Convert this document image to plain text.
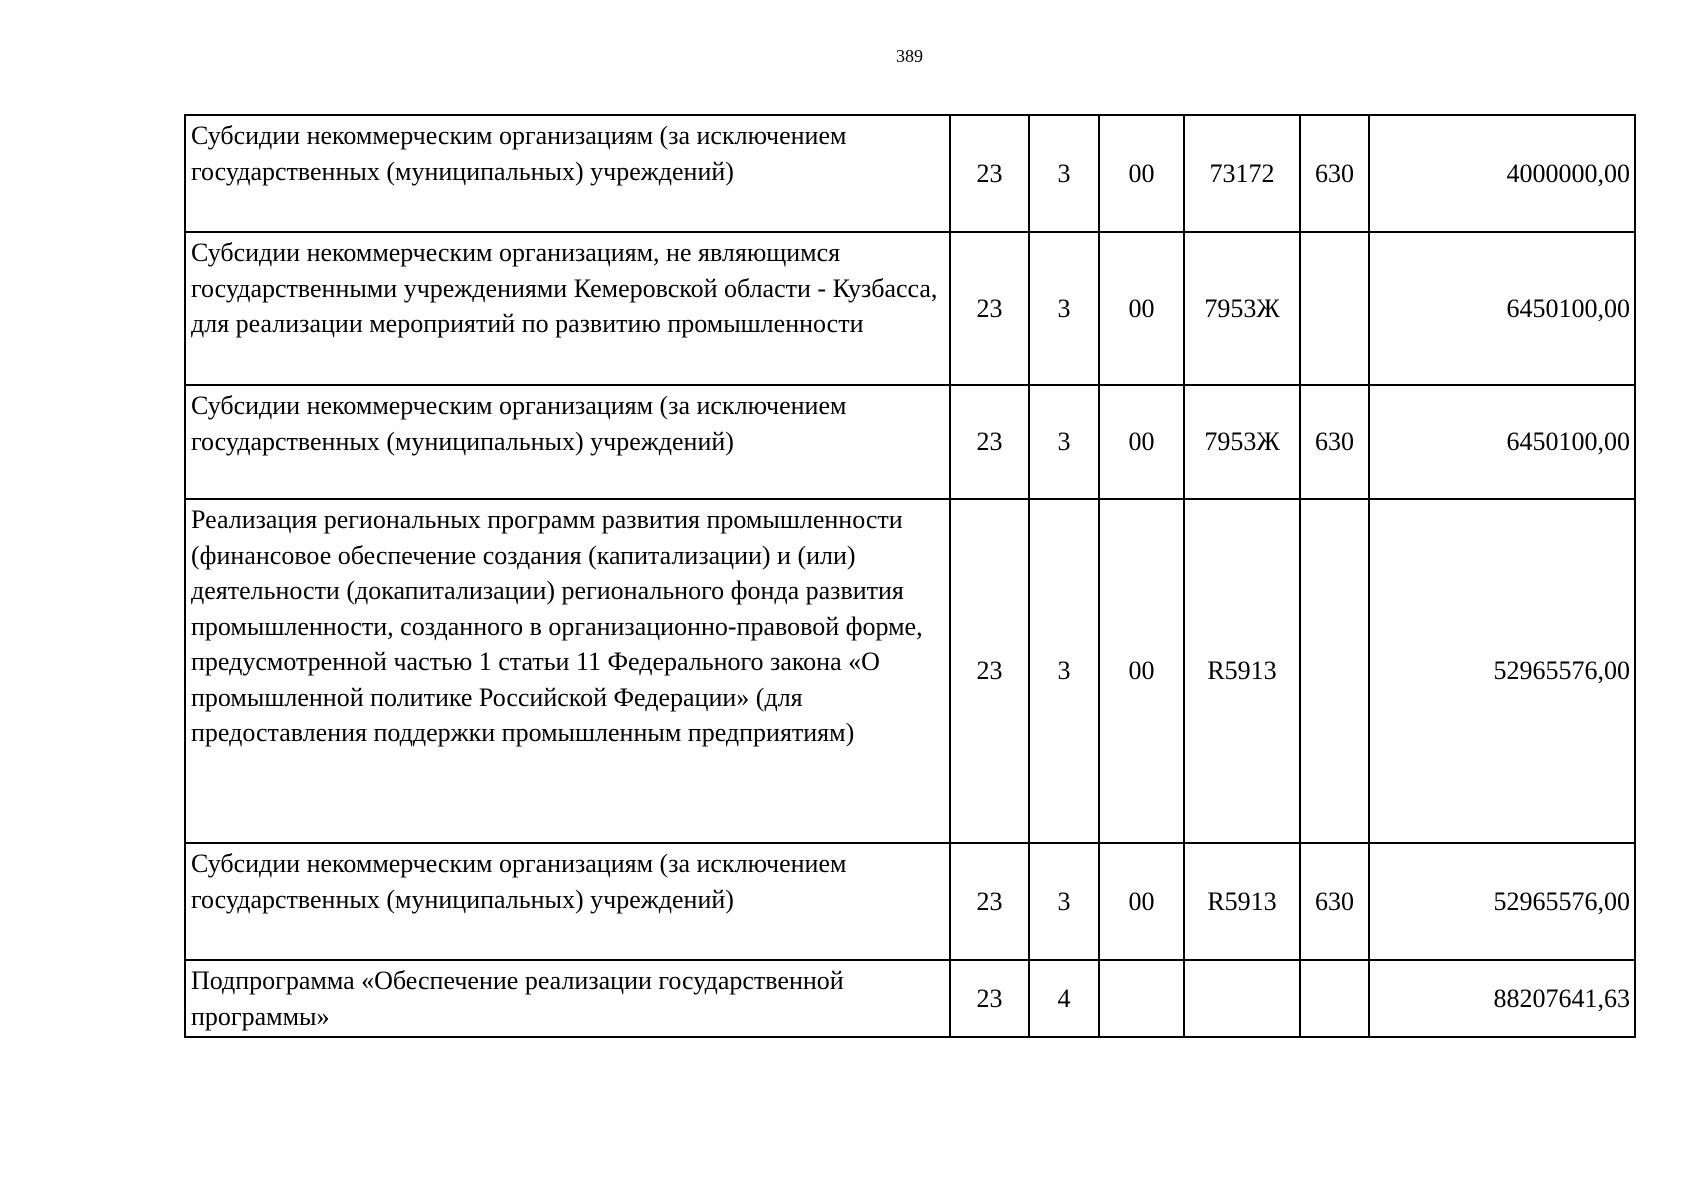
389
Субсидии некоммерческим организациям (за исключением государственных (муниципальных) учреждений)	23	3	00	73172	630	4000000,00
Субсидии некоммерческим организациям, не являющимся государственными учреждениями Кемеровской области - Кузбасса, для реализации мероприятий по развитию промышленности	23	3	00	7953Ж		6450100,00
Субсидии некоммерческим организациям (за исключением государственных (муниципальных) учреждений)	23	3	00	7953Ж	630	6450100,00
Реализация региональных программ развития промышленности (финансовое обеспечение создания (капитализации) и (или) деятельности (докапитализации) регионального фонда развития промышленности, созданного в организационно-правовой форме, предусмотренной частью 1 статьи 11 Федерального закона «О промышленной политике Российской Федерации» (для предоставления поддержки промышленным предприятиям)	23	3	00	R5913		52965576,00
Субсидии некоммерческим организациям (за исключением государственных (муниципальных) учреждений)	23	3	00	R5913	630	52965576,00
Подпрограмма «Обеспечение реализации государственной программы»	23	4				88207641,63
